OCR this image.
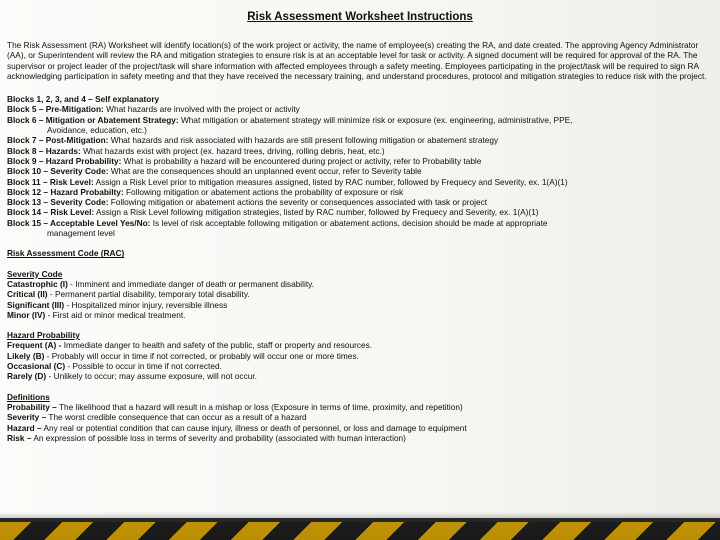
Risk Assessment Worksheet Instructions

The Risk Assessment (RA) Worksheet will identify location(s) of the work project or activity, the name of employee(s) creating the RA, and date created. The approving Agency Administrator (AA), or Superintendent will review the RA and mitigation strategies to ensure risk is at an acceptable level for task or activity. A signed document will be required for approval of the RA. The supervisor or project leader of the project/task will share information with affected employees through a safety meeting. Employees participating in the project/task will be required to sign RA acknowledging participation in safety meeting and that they have received the necessary training, and understand procedures, protocol and mitigation strategies to reduce risk with the project.

Blocks 1, 2, 3, and 4 – Self explanatory

Block 5 – Pre-Mitigation: What hazards are involved with the project or activity

Block 6 – Mitigation or Abatement Strategy: What mitigation or abatement strategy will minimize risk or exposure (ex. engineering, administrative, PPE,

Avoidance, education, etc.)

Block 7 – Post-Mitigation: What hazards and risk associated with hazards are still present following mitigation or abatement strategy

Block 8 – Hazards: What hazards exist with project (ex. hazard trees, driving, rolling debris, heat, etc.)

Block 9 – Hazard Probability: What is probability a hazard will be encountered during project or activity, refer to Probability table

Block 10 – Severity Code: What are the consequences should an unplanned event occur, refer to Severity table

Block 11 – Risk Level: Assign a Risk Level prior to mitigation measures assigned, listed by RAC number, followed by Frequecy and Severity, ex. 1(A)(1)

Block 12 – Hazard Probabilty: Following mitigation or abatement actions the probability of exposure or risk

Block 13 – Severity Code: Following mitigation or abatement actions the severity or consequences associated with task or project

Block 14 – Risk Level: Assign a Risk Level following mitigation strategies, listed by RAC number, followed by Frequecy and Severity, ex. 1(A)(1)

Block 15 – Acceptable Level Yes/No: Is level of risk acceptable following mitigation or abatement actions, decision should be made at appropriate

management level

Risk Assessment Code (RAC)

Severity Code

Catastrophic (I) - Imminent and immediate danger of death or permanent disability.

Critical (II) - Permanent partial disability, temporary total disability.

Significant (III) - Hospitalized minor injury, reversible illness

Minor (IV) - First aid or minor medical treatment.

Hazard Probability

Frequent (A) - Immediate danger to health and safety of the public, staff or property and resources.

Likely (B) - Probably will occur in time if not corrected, or probably will occur one or more times.

Occasional (C) - Possible to occur in time if not corrected.

Rarely (D) - Unlikely to occur; may assume exposure, will not occur.

Definitions

Probability – The likelihood that a hazard will result in a mishap or loss (Exposure in terms of time, proximity, and repetition)

Severity – The worst credible consequence that can occur as a result of a hazard

Hazard – Any real or potential condition that can cause injury, illness or death of personnel, or loss and damage to equipment

Risk – An expression of possible loss in terms of severity and probability (associated with human interaction)
